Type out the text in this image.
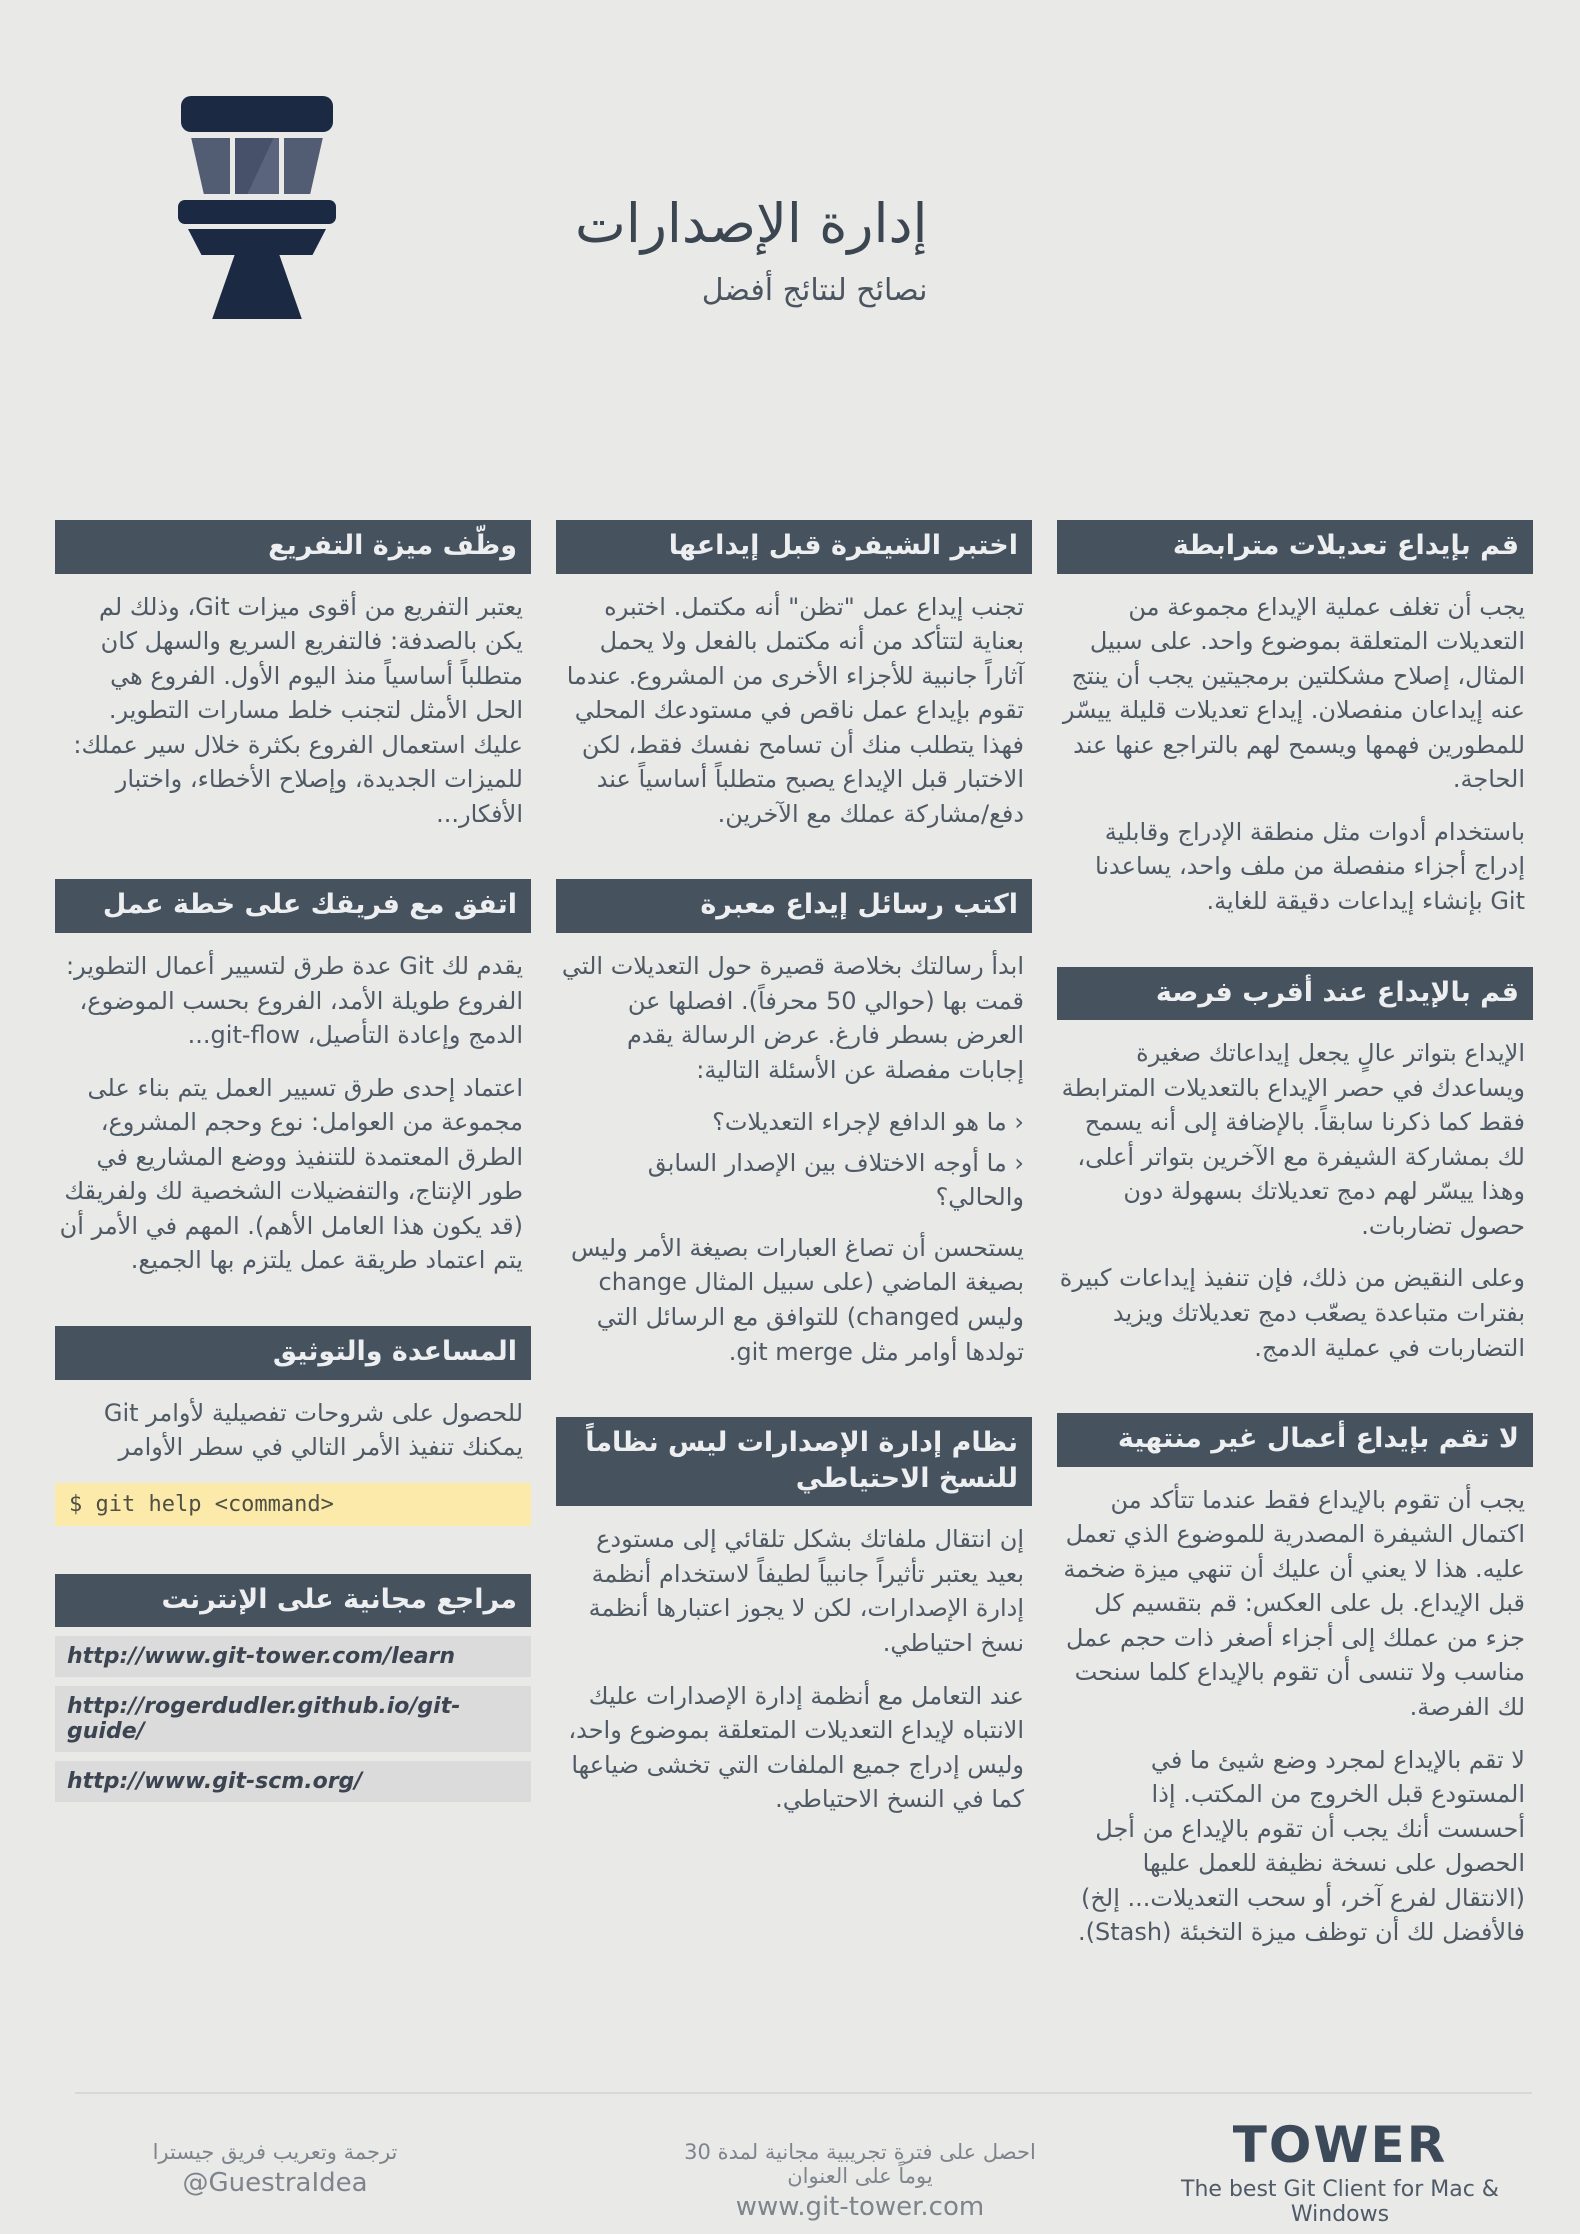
إدارة الإصدارات
نصائح لنتائج أفضل
قم بإيداع تعديلات مترابطة

يجب أن تغلف عملية الإيداع مجموعة من التعديلات المتعلقة بموضوع واحد. على سبيل المثال، إصلاح مشكلتين برمجيتين يجب أن ينتج عنه إيداعان منفصلان. إيداع تعديلات قليلة ييسّر للمطورين فهمها ويسمح لهم بالتراجع عنها عند الحاجة.

باستخدام أدوات مثل منطقة الإدراج وقابلية إدراج أجزاء منفصلة من ملف واحد، يساعدنا Git بإنشاء إيداعات دقيقة للغاية.

قم بالإيداع عند أقرب فرصة

الإيداع بتواتر عالٍ يجعل إيداعاتك صغيرة ويساعدك في حصر الإيداع بالتعديلات المترابطة فقط كما ذكرنا سابقاً. بالإضافة إلى أنه يسمح لك بمشاركة الشيفرة مع الآخرين بتواتر أعلى، وهذا ييسّر لهم دمج تعديلاتك بسهولة دون حصول تضاربات.

وعلى النقيض من ذلك، فإن تنفيذ إيداعات كبيرة بفترات متباعدة يصعّب دمج تعديلاتك ويزيد التضاربات في عملية الدمج.

لا تقم بإيداع أعمال غير منتهية

يجب أن تقوم بالإيداع فقط عندما تتأكد من اكتمال الشيفرة المصدرية للموضوع الذي تعمل عليه. هذا لا يعني أن عليك أن تنهي ميزة ضخمة قبل الإيداع. بل على العكس: قم بتقسيم كل جزء من عملك إلى أجزاء أصغر ذات حجم عمل مناسب ولا تنسى أن تقوم بالإيداع كلما سنحت لك الفرصة.

لا تقم بالإيداع لمجرد وضع شيئ ما في المستودع قبل الخروج من المكتب. إذا أحسست أنك يجب أن تقوم بالإيداع من أجل الحصول على نسخة نظيفة للعمل عليها (الانتقال لفرع آخر، أو سحب التعديلات... إلخ) فالأفضل لك أن توظف ميزة التخبئة (Stash).

اختبر الشيفرة قبل إيداعها

تجنب إيداع عمل "تظن" أنه مكتمل. اختبره بعناية لتتأكد من أنه مكتمل بالفعل ولا يحمل آثاراً جانبية للأجزاء الأخرى من المشروع. عندما تقوم بإيداع عمل ناقص في مستودعك المحلي فهذا يتطلب منك أن تسامح نفسك فقط، لكن الاختبار قبل الإيداع يصبح متطلباً أساسياً عند دفع/مشاركة عملك مع الآخرين.

اكتب رسائل إيداع معبرة

ابدأ رسالتك بخلاصة قصيرة حول التعديلات التي قمت بها (حوالي 50 محرفاً). افصلها عن العرض بسطر فارغ. عرض الرسالة يقدم إجابات مفصلة عن الأسئلة التالية:

‹ ما هو الدافع لإجراء التعديلات؟

‹ ما أوجه الاختلاف بين الإصدار السابق والحالي؟

يستحسن أن تصاغ العبارات بصيغة الأمر وليس بصيغة الماضي (على سبيل المثال change وليس changed) للتوافق مع الرسائل التي تولدها أوامر مثل git merge.

نظام إدارة الإصدارات ليس نظاماً للنسخ الاحتياطي

إن انتقال ملفاتك بشكل تلقائي إلى مستودع بعيد يعتبر تأثيراً جانبياً لطيفاً لاستخدام أنظمة إدارة الإصدارات، لكن لا يجوز اعتبارها أنظمة نسخ احتياطي.

عند التعامل مع أنظمة إدارة الإصدارات عليك الانتباه لإيداع التعديلات المتعلقة بموضوع واحد، وليس إدراج جميع الملفات التي تخشى ضياعها كما في النسخ الاحتياطي.

وظّف ميزة التفريع

يعتبر التفريع من أقوى ميزات Git، وذلك لم يكن بالصدفة: فالتفريع السريع والسهل كان متطلباً أساسياً منذ اليوم الأول. الفروع هي الحل الأمثل لتجنب خلط مسارات التطوير. عليك استعمال الفروع بكثرة خلال سير عملك: للميزات الجديدة، وإصلاح الأخطاء، واختبار الأفكار...

اتفق مع فريقك على خطة عمل

يقدم لك Git عدة طرق لتسيير أعمال التطوير: الفروع طويلة الأمد، الفروع بحسب الموضوع، الدمج وإعادة التأصيل، git-flow...

اعتماد إحدى طرق تسيير العمل يتم بناء على مجموعة من العوامل: نوع وحجم المشروع، الطرق المعتمدة للتنفيذ ووضع المشاريع في طور الإنتاج، والتفضيلات الشخصية لك ولفريقك (قد يكون هذا العامل الأهم). المهم في الأمر أن يتم اعتماد طريقة عمل يلتزم بها الجميع.

المساعدة والتوثيق

للحصول على شروحات تفصيلية لأوامر Git يمكنك تنفيذ الأمر التالي في سطر الأوامر

$ git help <command>
مراجع مجانية على الإنترنت
http://www.git-tower.com/learn
http://rogerdudler.github.io/git-guide/
http://www.git-scm.org/
ترجمة وتعريب فريق جيسترا
@GuestraIdea
احصل على فترة تجريبية مجانية لمدة 30 يوماً على العنوان
www.git-tower.com
TOWER
The best Git Client for Mac & Windows
